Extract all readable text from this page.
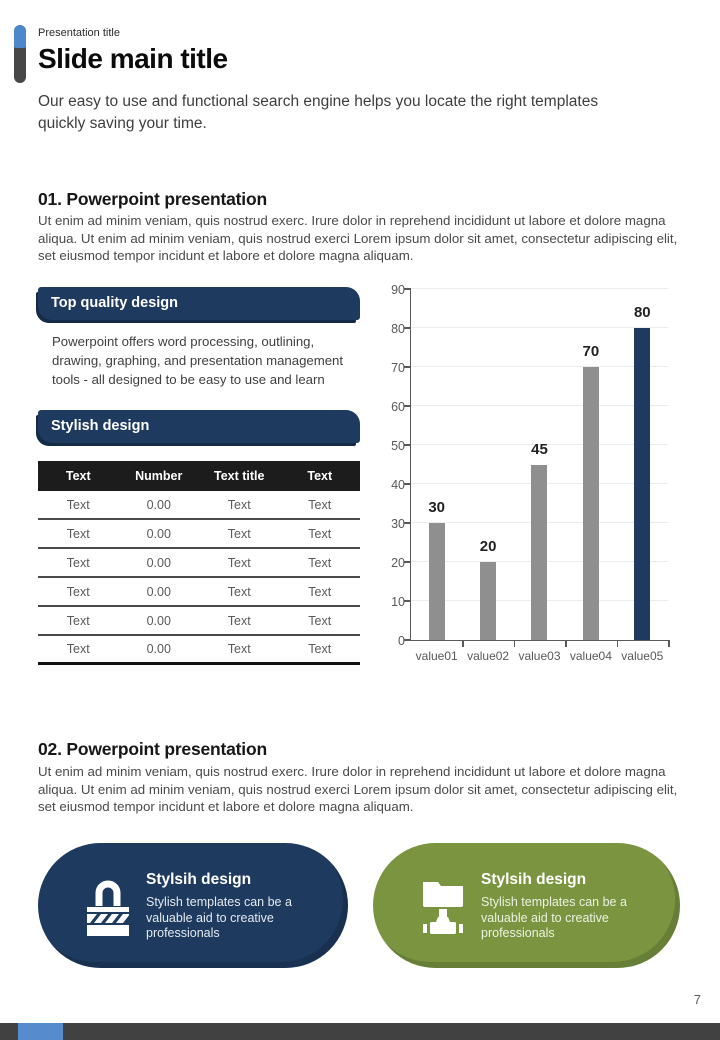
Presentation title
Slide main title
Our easy to use and functional search engine helps you locate the right templates quickly saving your time.
01. Powerpoint presentation
Ut enim ad minim veniam, quis nostrud exerc. Irure dolor in reprehend incididunt ut labore et dolore magna aliqua. Ut enim ad minim veniam, quis nostrud exerci Lorem ipsum dolor sit amet, consectetur adipiscing elit, set eiusmod tempor incidunt et labore et dolore magna aliquam.
Top quality design
Powerpoint offers word processing, outlining, drawing, graphing, and presentation management tools - all designed to be easy to use and learn
Stylish design
Text	Number	Text title	Text
Text	0.00	Text	Text
Text	0.00	Text	Text
Text	0.00	Text	Text
Text	0.00	Text	Text
Text	0.00	Text	Text
Text	0.00	Text	Text
0
10
20
30
40
50
60
70
80
90
30
value01
20
value02
45
value03
70
value04
80
value05
02. Powerpoint presentation
Ut enim ad minim veniam, quis nostrud exerc. Irure dolor in reprehend incididunt ut labore et dolore magna aliqua. Ut enim ad minim veniam, quis nostrud exerci Lorem ipsum dolor sit amet, consectetur adipiscing elit, set eiusmod tempor incidunt et labore et dolore magna aliquam.
Stylsih design
Stylish templates can be a valuable aid to creative professionals
Stylsih design
Stylish templates can be a valuable aid to creative professionals
7
